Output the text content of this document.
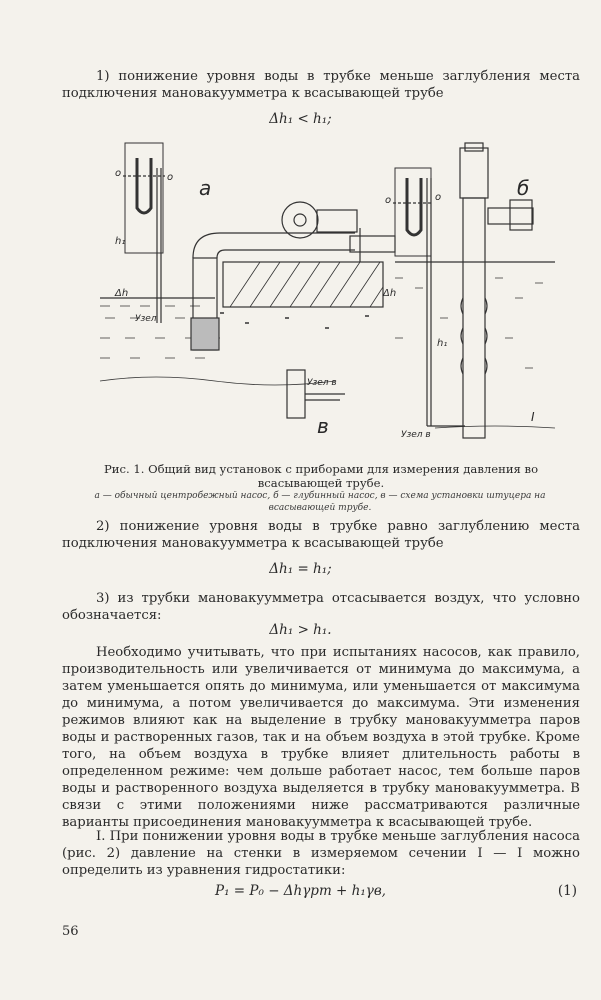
1) понижение уровня воды в трубке меньше заглубления места подключения мановакуумметра к всасывающей трубе

Δh₁ < h₁;
а	б
в
о	о
о	о
h₁
h₁
Δh	Δh
Узел
Узел в
Узел в
I
Рис. 1. Общий вид установок с приборами для измерения давления во всасывающей трубе.
а — обычный центробежный насос, б — глубинный насос, в — схема установки штуцера на всасывающей трубе.

2) понижение уровня воды в трубке равно заглублению места подключения мановакуумметра к всасывающей трубе

Δh₁ = h₁;

3) из трубки мановакуумметра отсасывается воздух, что условно обозначается:

Δh₁ > h₁.

Необходимо учитывать, что при испытаниях насосов, как правило, производительность или увеличивается от минимума до максимума, а затем уменьшается опять до минимума, или уменьшается от максимума до минимума, а потом увеличивается до максимума. Эти изменения режимов влияют как на выделение в трубку мановакуумметра паров воды и растворенных газов, так и на объем воздуха в этой трубке. Кроме того, на объем воздуха в трубке влияет длительность работы в определенном режиме: чем дольше работает насос, тем больше паров воды и растворенного воздуха выделяется в трубку мановакуумметра. В связи с этими положениями ниже рассматриваются различные варианты присоединения мановакуумметра к всасывающей трубе.

I. При понижении уровня воды в трубке меньше заглубления насоса (рис. 2) давление на стенки в измеряемом сечении I — I можно определить из уравнения гидростатики:

P₁ = P₀ − Δhγрт + h₁γв,	(1)
56
